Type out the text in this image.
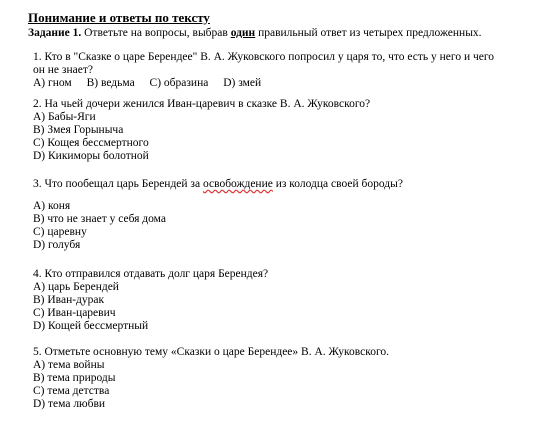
Понимание и ответы по тексту
Задание 1. Ответьте на вопросы, выбрав один правильный ответ из четырех предложенных.
1. Кто в "Сказке о царе Берендее" В. А. Жуковского попросил у царя то, что есть у него и чего
он не знает?
A) гном B) ведьма C) образина D) змей
2. На чьей дочери женился Иван-царевич в сказке В. А. Жуковского?
A) Бабы-Яги
B) Змея Горыныча
C) Кощея бессмертного
D) Кикиморы болотной
3. Что пообещал царь Берендей за освобождение из колодца своей бороды?
A) коня
B) что не знает у себя дома
C) царевну
D) голубя
4. Кто отправился отдавать долг царя Берендея?
A) царь Берендей
B) Иван-дурак
C) Иван-царевич
D) Кощей бессмертный
5. Отметьте основную тему «Сказки о царе Берендее» В. А. Жуковского.
A) тема войны
B) тема природы
C) тема детства
D) тема любви
